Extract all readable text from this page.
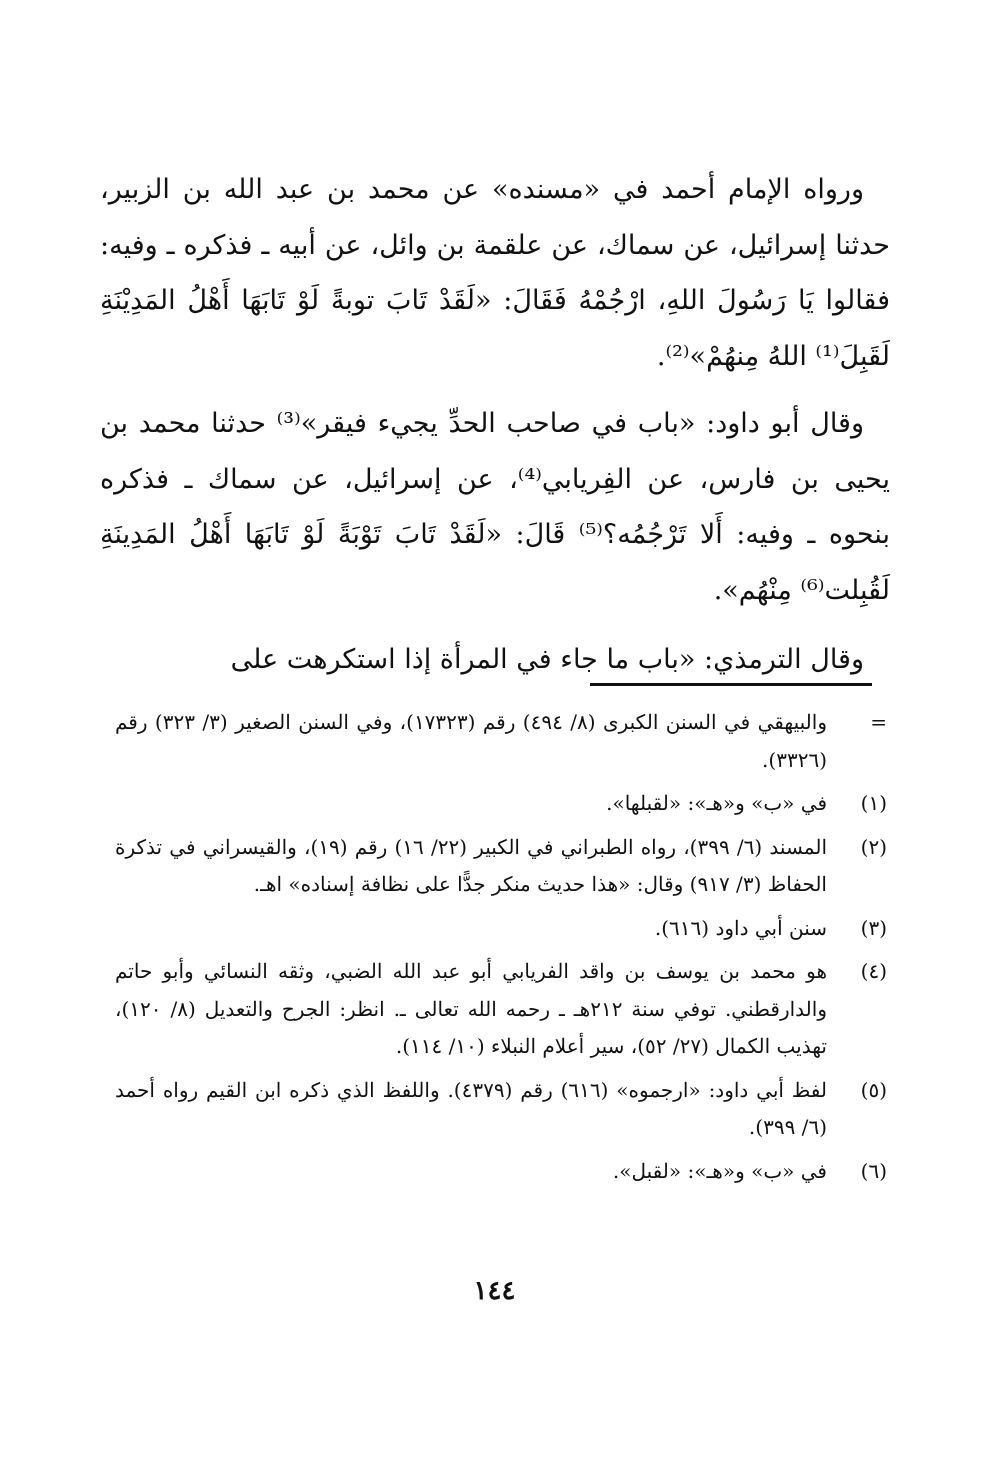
ورواه الإمام أحمد في «مسنده» عن محمد بن عبد الله بن الزبير، حدثنا إسرائيل، عن سماك، عن علقمة بن وائل، عن أبيه ـ فذكره ـ وفيه: فقالوا يَا رَسُولَ اللهِ، ارْجُمْهُ فَقَالَ: «لَقَدْ تَابَ توبةً لَوْ تَابَهَا أَهْلُ المَدِيْنَةِ لَقَبِلَ⁽¹⁾ اللهُ مِنهُمْ»⁽²⁾.

وقال أبو داود: «باب في صاحب الحدِّ يجيء فيقر»⁽³⁾ حدثنا محمد بن يحيى بن فارس، عن الفِريابي⁽⁴⁾، عن إسرائيل، عن سماك ـ فذكره بنحوه ـ وفيه: أَلا تَرْجُمُه؟⁽⁵⁾ قَالَ: «لَقَدْ تَابَ تَوْبَةً لَوْ تَابَهَا أَهْلُ المَدِينَةِ لَقُبِلت⁽⁶⁾ مِنْهُم».

وقال الترمذي: «باب ما جاء في المرأة إذا استكرهت على

=
والبيهقي في السنن الكبرى (٨/ ٤٩٤) رقم (١٧٣٢٣)، وفي السنن الصغير (٣/ ٣٢٣) رقم (٣٣٢٦).
(١)
في «ب» و«هـ»: «لقبلها».
(٢)
المسند (٦/ ٣٩٩)، رواه الطبراني في الكبير (٢٢/ ١٦) رقم (١٩)، والقيسراني في تذكرة الحفاظ (٣/ ٩١٧) وقال: «هذا حديث منكر جدًّا على نظافة إسناده» اهـ.
(٣)
سنن أبي داود (٦١٦).
(٤)
هو محمد بن يوسف بن واقد الفريابي أبو عبد الله الضبي، وثقه النسائي وأبو حاتم والدارقطني. توفي سنة ٢١٢هـ ـ رحمه الله تعالى ـ. انظر: الجرح والتعديل (٨/ ١٢٠)، تهذيب الكمال (٢٧/ ٥٢)، سير أعلام النبلاء (١٠/ ١١٤).
(٥)
لفظ أبي داود: «ارجموه» (٦١٦) رقم (٤٣٧٩). واللفظ الذي ذكره ابن القيم رواه أحمد (٦/ ٣٩٩).
(٦)
في «ب» و«هـ»: «لقبل».
١٤٤
